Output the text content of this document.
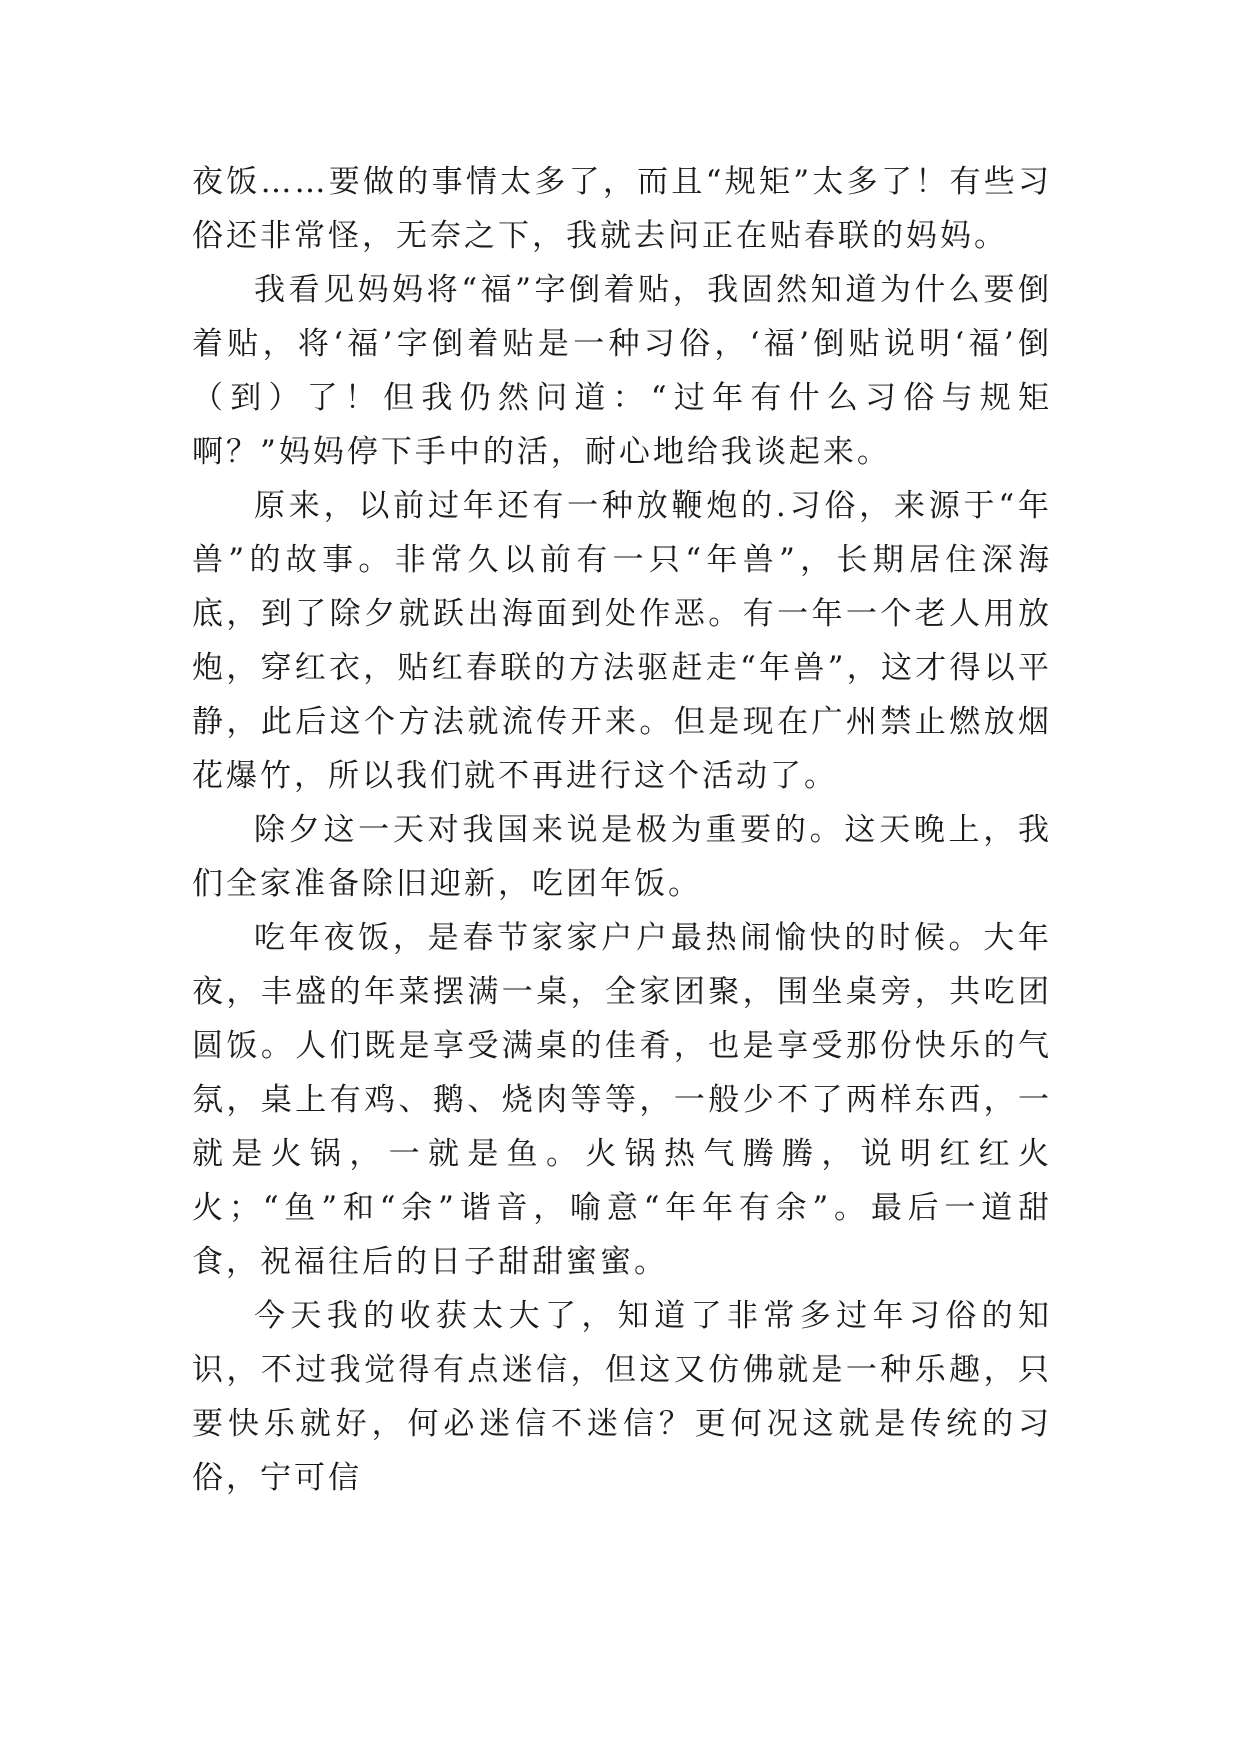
夜饭……要做的事情太多了，而且“规矩”太多了！有些习俗还非常怪，无奈之下，我就去问正在贴春联的妈妈。

我看见妈妈将“福”字倒着贴，我固然知道为什么要倒着贴，将‘福’字倒着贴是一种习俗，‘福’倒贴说明‘福’倒（到）了！但我仍然问道：“过年有什么习俗与规矩啊？”妈妈停下手中的活，耐心地给我谈起来。

原来，以前过年还有一种放鞭炮的.习俗，来源于“年兽”的故事。非常久以前有一只“年兽”，长期居住深海底，到了除夕就跃出海面到处作恶。有一年一个老人用放炮，穿红衣，贴红春联的方法驱赶走“年兽”，这才得以平静，此后这个方法就流传开来。但是现在广州禁止燃放烟花爆竹，所以我们就不再进行这个活动了。

除夕这一天对我国来说是极为重要的。这天晚上，我们全家准备除旧迎新，吃团年饭。

吃年夜饭，是春节家家户户最热闹愉快的时候。大年夜，丰盛的年菜摆满一桌，全家团聚，围坐桌旁，共吃团圆饭。人们既是享受满桌的佳肴，也是享受那份快乐的气氛，桌上有鸡、鹅、烧肉等等，一般少不了两样东西，一就是火锅，一就是鱼。火锅热气腾腾，说明红红火火；“鱼”和“余”谐音，喻意“年年有余”。最后一道甜食，祝福往后的日子甜甜蜜蜜。

今天我的收获太大了，知道了非常多过年习俗的知识，不过我觉得有点迷信，但这又仿佛就是一种乐趣，只要快乐就好，何必迷信不迷信？更何况这就是传统的习俗，宁可信
